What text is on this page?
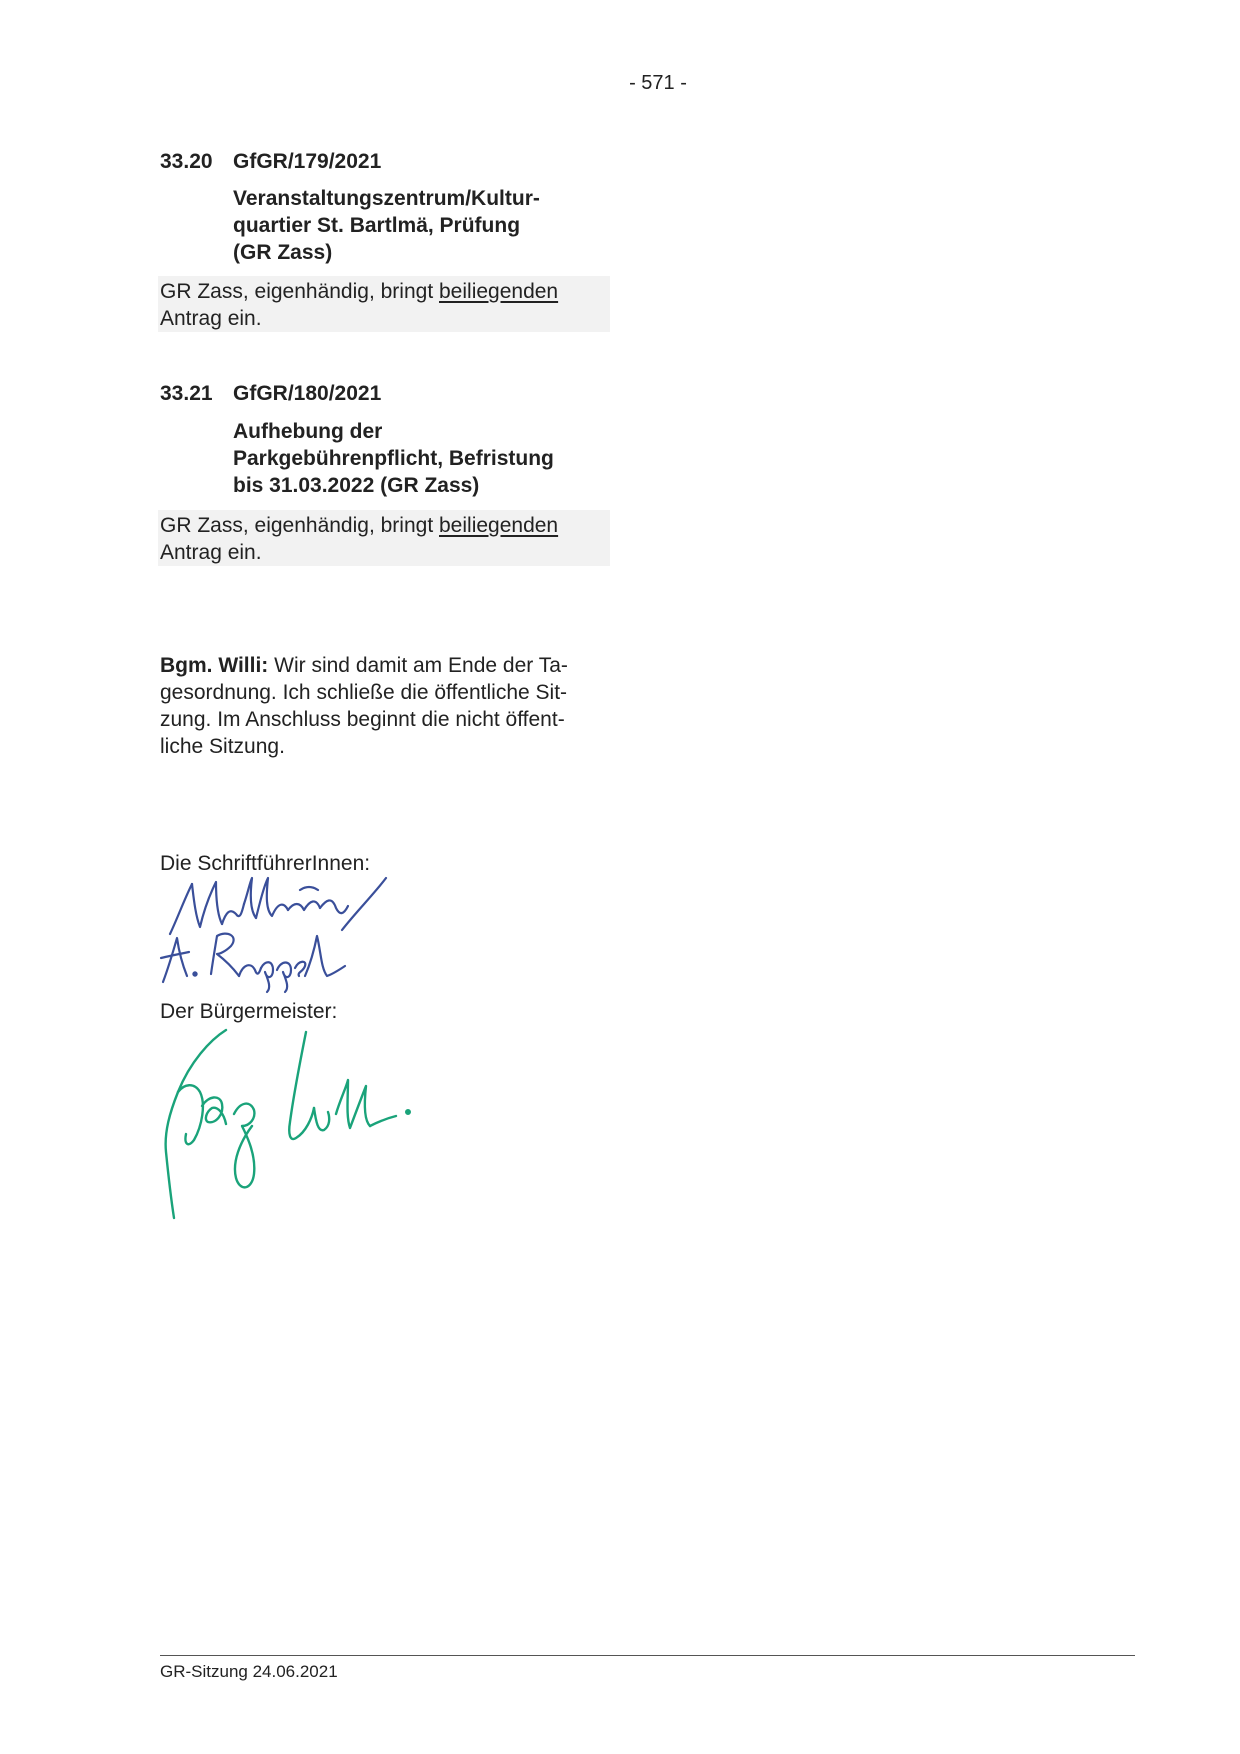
- 571 -
33.20 GfGR/179/2021
Veranstaltungszentrum/Kultur-
quartier St. Bartlmä, Prüfung
(GR Zass)
GR Zass, eigenhändig, bringt beiliegenden
Antrag ein.
33.21 GfGR/180/2021
Aufhebung der
Parkgebührenpflicht, Befristung
bis 31.03.2022 (GR Zass)
GR Zass, eigenhändig, bringt beiliegenden
Antrag ein.
Bgm. Willi: Wir sind damit am Ende der Ta-
gesordnung. Ich schließe die öffentliche Sit-
zung. Im Anschluss beginnt die nicht öffent-
liche Sitzung.
Die SchriftführerInnen:
Der Bürgermeister:
GR-Sitzung 24.06.2021
